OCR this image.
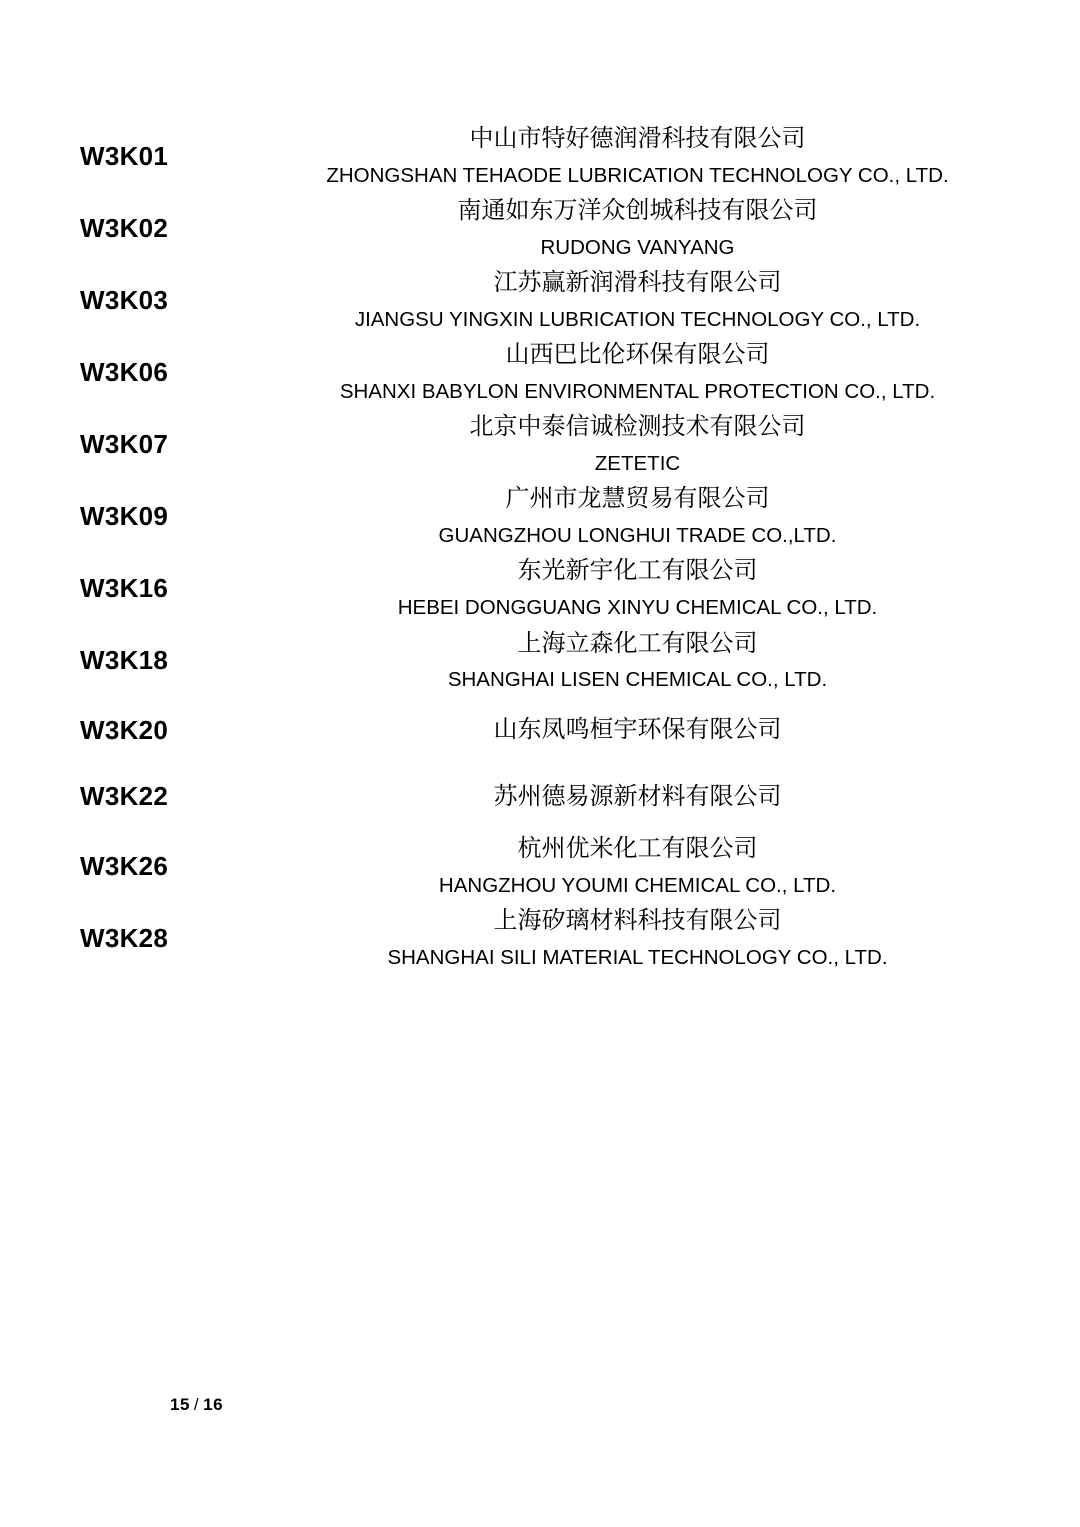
W3K01	中山市特好德润滑科技有限公司
ZHONGSHAN TEHAODE LUBRICATION TECHNOLOGY CO., LTD.

W3K02	南通如东万洋众创城科技有限公司
RUDONG VANYANG

W3K03	江苏赢新润滑科技有限公司
JIANGSU YINGXIN LUBRICATION TECHNOLOGY CO., LTD.

W3K06	山西巴比伦环保有限公司
SHANXI BABYLON ENVIRONMENTAL PROTECTION CO., LTD.

W3K07	北京中泰信诚检测技术有限公司
ZETETIC

W3K09	广州市龙慧贸易有限公司
GUANGZHOU LONGHUI TRADE CO.,LTD.

W3K16	东光新宇化工有限公司
HEBEI DONGGUANG XINYU CHEMICAL CO., LTD.

W3K18	上海立森化工有限公司
SHANGHAI LISEN CHEMICAL CO., LTD.

W3K20	山东凤鸣桓宇环保有限公司

W3K22	苏州德易源新材料有限公司

W3K26	杭州优米化工有限公司
HANGZHOU YOUMI CHEMICAL CO., LTD.

W3K28	上海矽璃材料科技有限公司
SHANGHAI SILI MATERIAL TECHNOLOGY CO., LTD.
15 / 16
